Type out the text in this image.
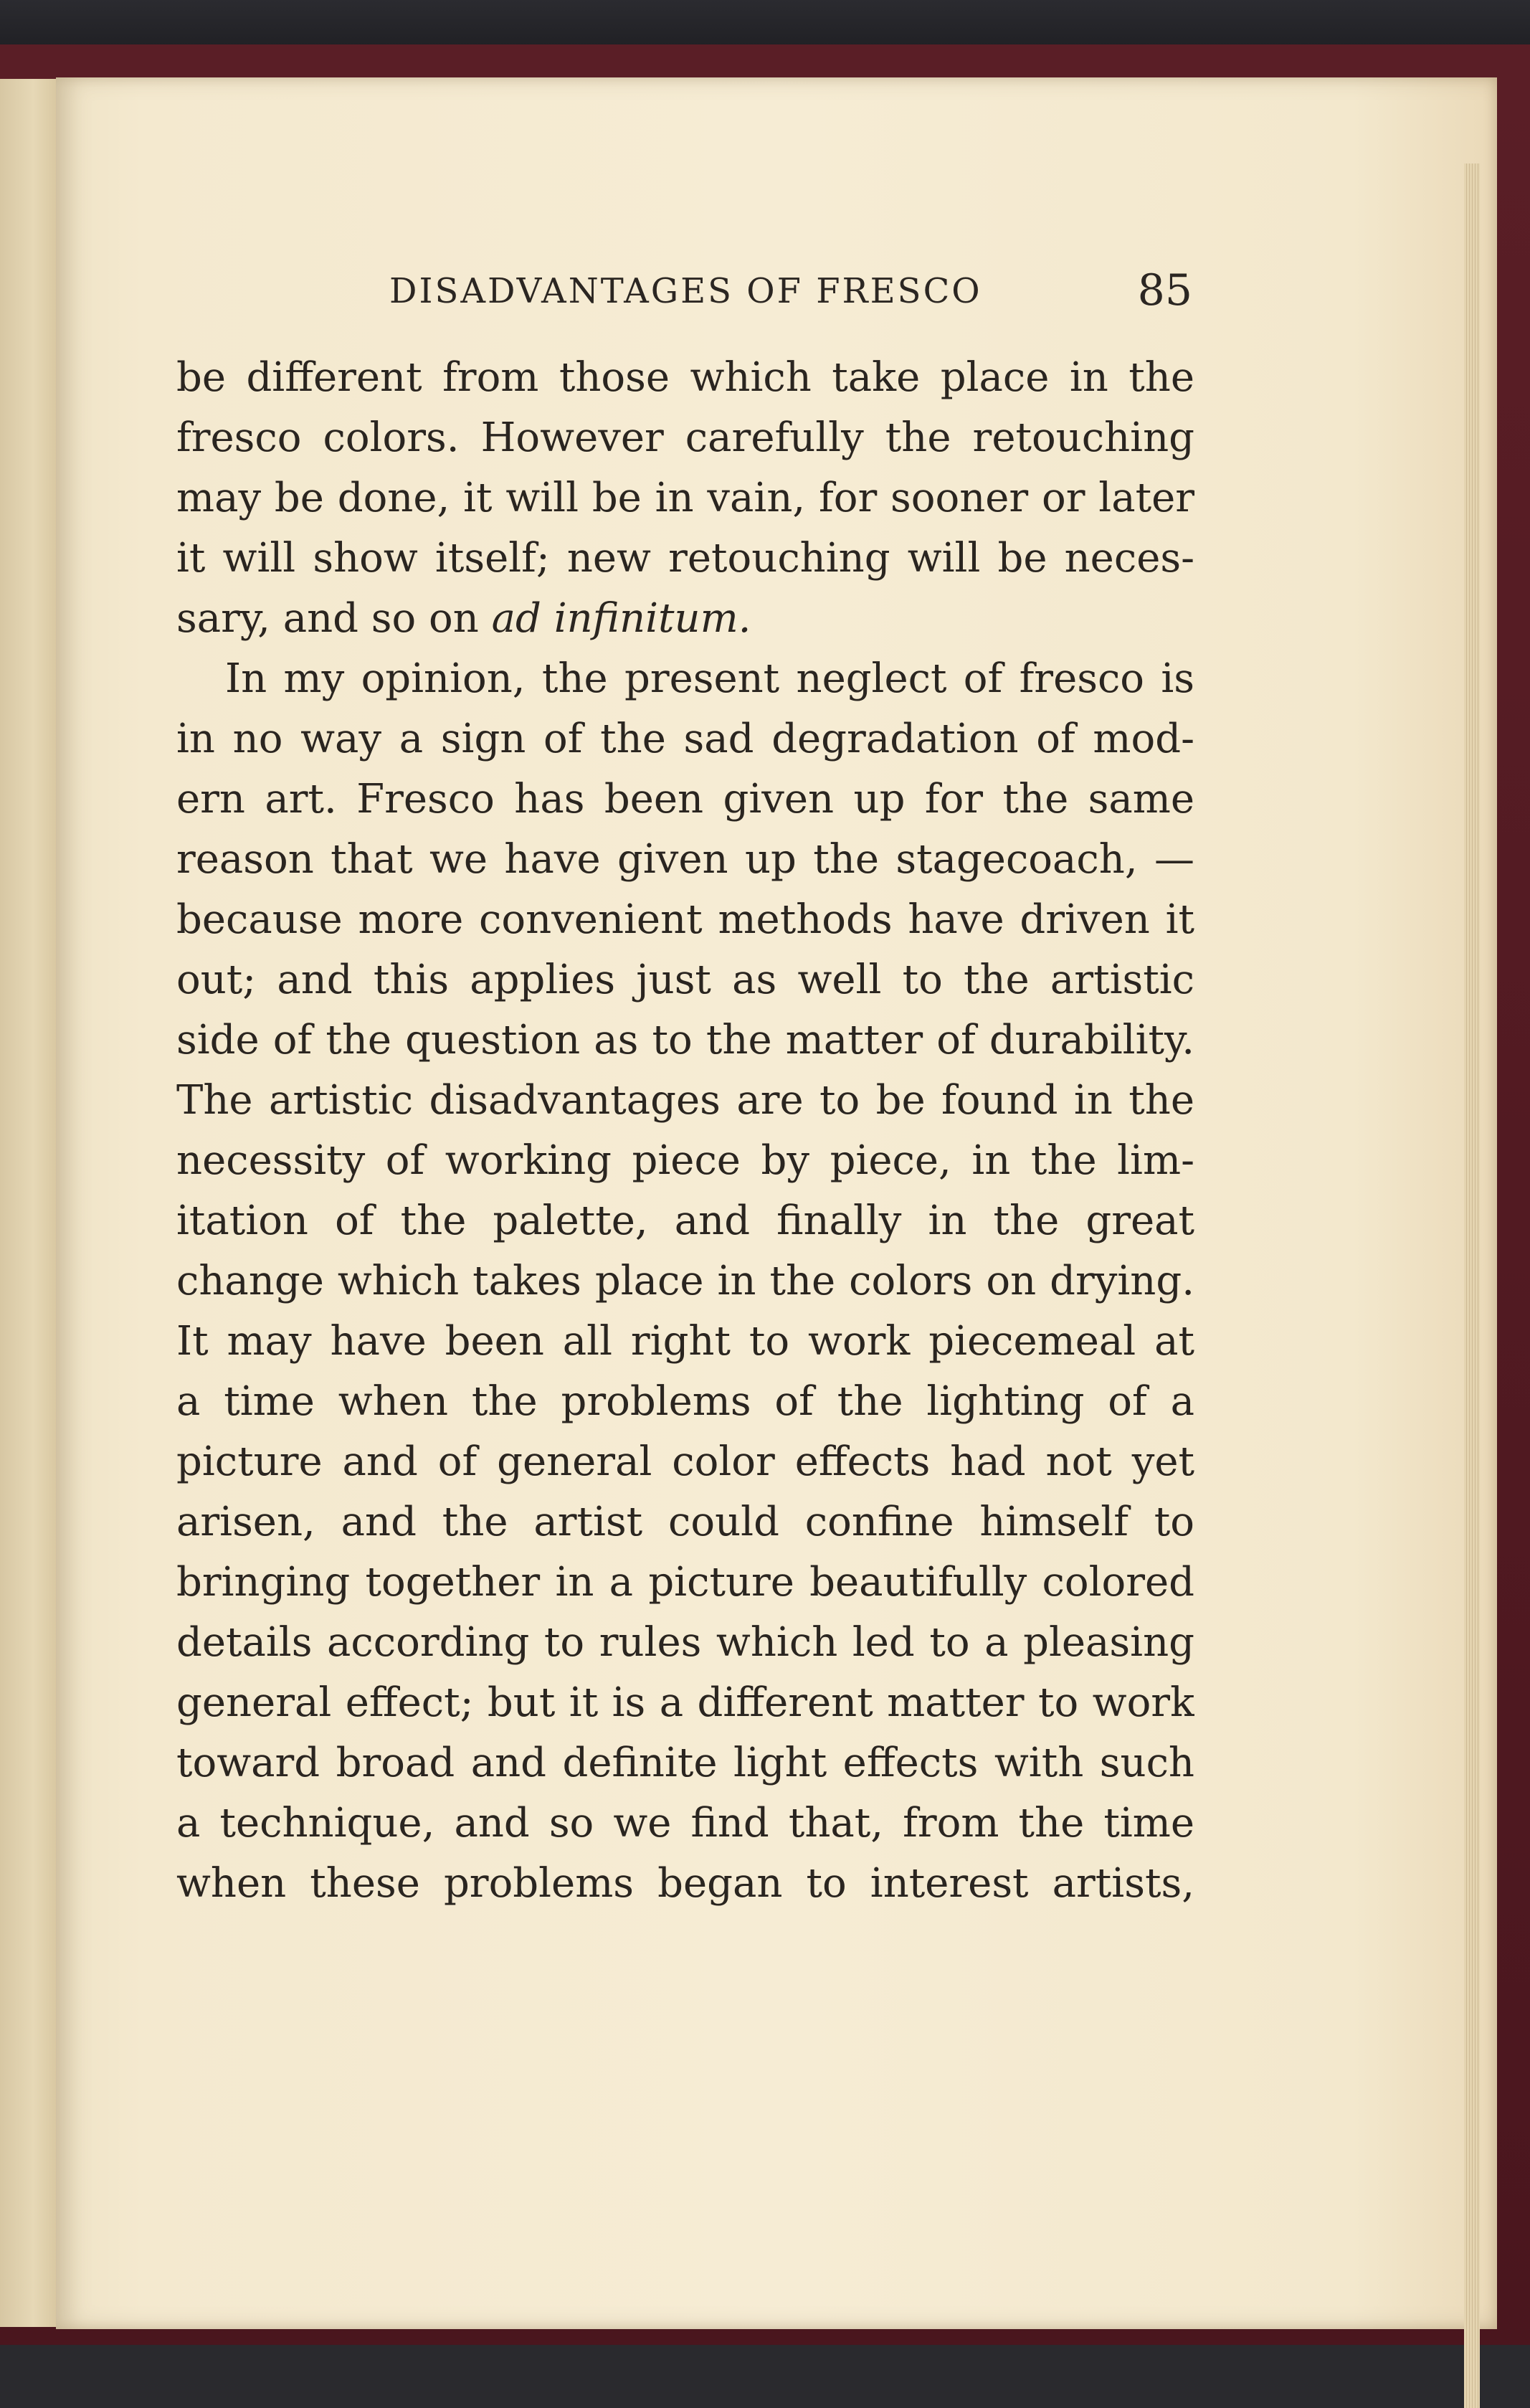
DISADVANTAGES OF FRESCO	85
be different from those which take place in the
fresco colors. However carefully the retouching
may be done, it will be in vain, for sooner or later
it will show itself; new retouching will be neces-
sary, and so on ad infinitum.
In my opinion, the present neglect of fresco is
in no way a sign of the sad degradation of mod-
ern art. Fresco has been given up for the same
reason that we have given up the stagecoach, —
because more convenient methods have driven it
out; and this applies just as well to the artistic
side of the question as to the matter of durability.
The artistic disadvantages are to be found in the
necessity of working piece by piece, in the lim-
itation of the palette, and finally in the great
change which takes place in the colors on drying.
It may have been all right to work piecemeal at
a time when the problems of the lighting of a
picture and of general color effects had not yet
arisen, and the artist could confine himself to
bringing together in a picture beautifully colored
details according to rules which led to a pleasing
general effect; but it is a different matter to work
toward broad and definite light effects with such
a technique, and so we find that, from the time
when these problems began to interest artists,
